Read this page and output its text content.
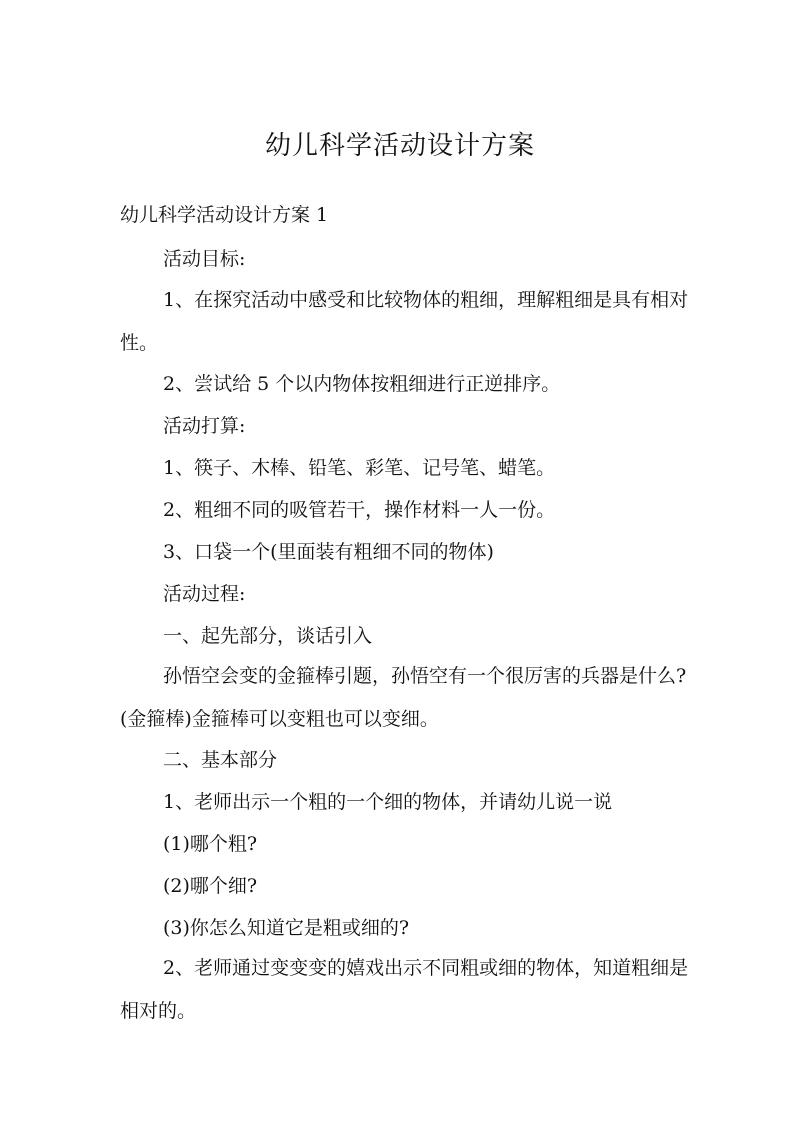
幼儿科学活动设计方案
幼儿科学活动设计方案 1
活动目标:
1、在探究活动中感受和比较物体的粗细，理解粗细是具有相对性。
2、尝试给 5 个以内物体按粗细进行正逆排序。
活动打算:
1、筷子、木棒、铅笔、彩笔、记号笔、蜡笔。
2、粗细不同的吸管若干，操作材料一人一份。
3、口袋一个(里面装有粗细不同的物体)
活动过程:
一、起先部分，谈话引入
孙悟空会变的金箍棒引题，孙悟空有一个很厉害的兵器是什么?(金箍棒)金箍棒可以变粗也可以变细。
二、基本部分
1、老师出示一个粗的一个细的物体，并请幼儿说一说
(1)哪个粗?
(2)哪个细?
(3)你怎么知道它是粗或细的?
2、老师通过变变变的嬉戏出示不同粗或细的物体，知道粗细是相对的。
